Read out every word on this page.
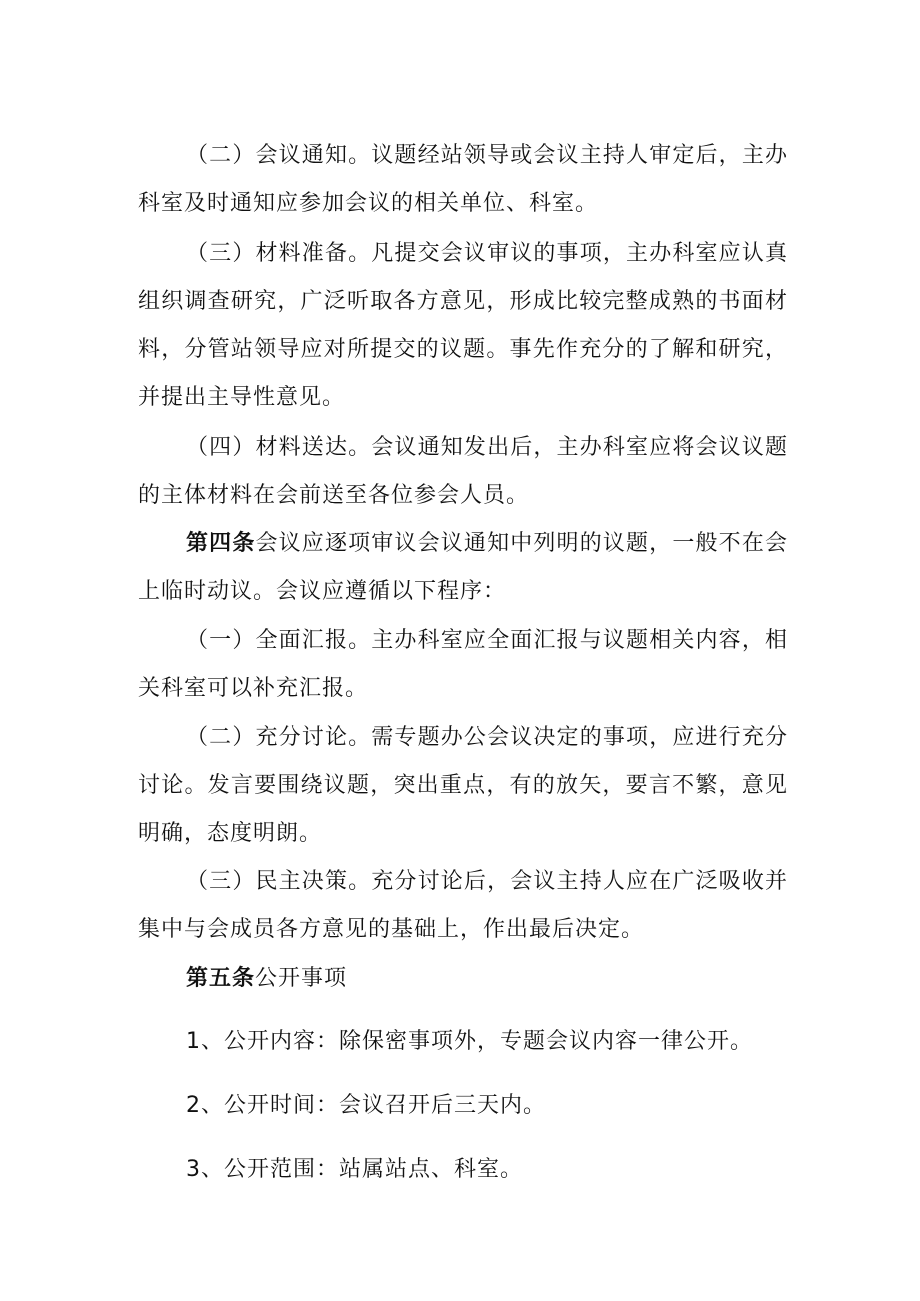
（二）会议通知。议题经站领导或会议主持人审定后，主办科室及时通知应参加会议的相关单位、科室。

（三）材料准备。凡提交会议审议的事项，主办科室应认真组织调查研究，广泛听取各方意见，形成比较完整成熟的书面材料，分管站领导应对所提交的议题。事先作充分的了解和研究，并提出主导性意见。

（四）材料送达。会议通知发出后，主办科室应将会议议题的主体材料在会前送至各位参会人员。

第四条会议应逐项审议会议通知中列明的议题，一般不在会上临时动议。会议应遵循以下程序：

（一）全面汇报。主办科室应全面汇报与议题相关内容，相关科室可以补充汇报。

（二）充分讨论。需专题办公会议决定的事项，应进行充分讨论。发言要围绕议题，突出重点，有的放矢，要言不繁，意见明确，态度明朗。

（三）民主决策。充分讨论后，会议主持人应在广泛吸收并集中与会成员各方意见的基础上，作出最后决定。

第五条公开事项

1、公开内容：除保密事项外，专题会议内容一律公开。

2、公开时间：会议召开后三天内。

3、公开范围：站属站点、科室。
